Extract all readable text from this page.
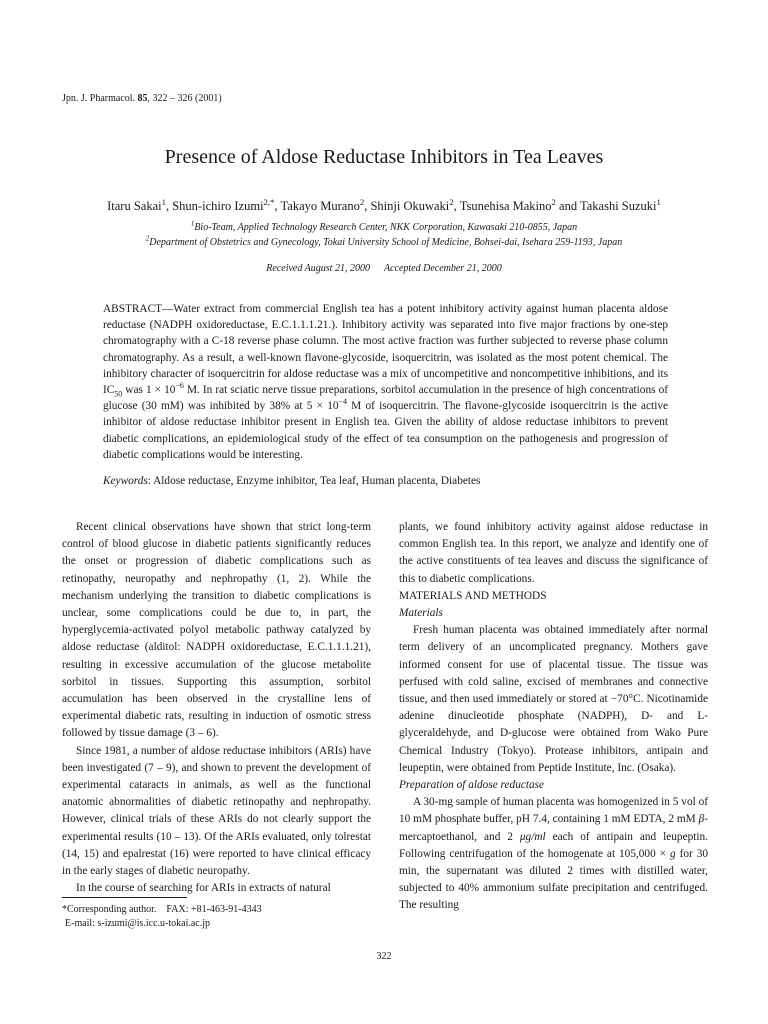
Jpn. J. Pharmacol. 85, 322 – 326 (2001)
Presence of Aldose Reductase Inhibitors in Tea Leaves
Itaru Sakai$^1$, Shun-ichiro Izumi$^{2,*}$, Takayo Murano$^2$, Shinji Okuwaki$^2$, Tsunehisa Makino$^2$ and Takashi Suzuki$^1$
$^1$Bio-Team, Applied Technology Research Center, NKK Corporation, Kawasaki 210-0855, Japan
$^2$Department of Obstetrics and Gynecology, Tokai University School of Medicine, Bohsei-dai, Isehara 259-1193, Japan
Received August 21, 2000 Accepted December 21, 2000
ABSTRACT—Water extract from commercial English tea has a potent inhibitory activity against human placenta aldose reductase (NADPH oxidoreductase, E.C.1.1.1.21.). Inhibitory activity was separated into five major fractions by one-step chromatography with a C-18 reverse phase column. The most active fraction was further subjected to reverse phase column chromatography. As a result, a well-known flavone-glycoside, isoquercitrin, was isolated as the most potent chemical. The inhibitory character of isoquercitrin for aldose reductase was a mix of uncompetitive and noncompetitive inhibitions, and its $IC_{50}$ was $1 \times 10^{-6}$ M. In rat sciatic nerve tissue preparations, sorbitol accumulation in the presence of high concentrations of glucose (30 mM) was inhibited by 38% at $5 \times 10^{-4}$ M of isoquercitrin. The flavone-glycoside isoquercitrin is the active inhibitor of aldose reductase inhibitor present in English tea. Given the ability of aldose reductase inhibitors to prevent diabetic complications, an epidemiological study of the effect of tea consumption on the pathogenesis and progression of diabetic complications would be interesting.
Keywords: Aldose reductase, Enzyme inhibitor, Tea leaf, Human placenta, Diabetes

Recent clinical observations have shown that strict long-term control of blood glucose in diabetic patients significantly reduces the onset or progression of diabetic complications such as retinopathy, neuropathy and nephropathy (1, 2). While the mechanism underlying the transition to diabetic complications is unclear, some complications could be due to, in part, the hyperglycemia-activated polyol metabolic pathway catalyzed by aldose reductase (alditol: NADPH oxidoreductase, E.C.1.1.1.21), resulting in excessive accumulation of the glucose metabolite sorbitol in tissues. Supporting this assumption, sorbitol accumulation has been observed in the crystalline lens of experimental diabetic rats, resulting in induction of osmotic stress followed by tissue damage (3 – 6).

Since 1981, a number of aldose reductase inhibitors (ARIs) have been investigated (7 – 9), and shown to prevent the development of experimental cataracts in animals, as well as the functional anatomic abnormalities of diabetic retinopathy and nephropathy. However, clinical trials of these ARIs do not clearly support the experimental results (10 – 13). Of the ARIs evaluated, only tolrestat (14, 15) and epalrestat (16) were reported to have clinical efficacy in the early stages of diabetic neuropathy.

In the course of searching for ARIs in extracts of natural

plants, we found inhibitory activity against aldose reductase in common English tea. In this report, we analyze and identify one of the active constituents of tea leaves and discuss the significance of this to diabetic complications.

MATERIALS AND METHODS

Materials

Fresh human placenta was obtained immediately after normal term delivery of an uncomplicated pregnancy. Mothers gave informed consent for use of placental tissue. The tissue was perfused with cold saline, excised of membranes and connective tissue, and then used immediately or stored at −70°C. Nicotinamide adenine dinucleotide phosphate (NADPH), D- and L-glyceraldehyde, and D-glucose were obtained from Wako Pure Chemical Industry (Tokyo). Protease inhibitors, antipain and leupeptin, were obtained from Peptide Institute, Inc. (Osaka).

Preparation of aldose reductase

A 30-mg sample of human placenta was homogenized in 5 vol of 10 mM phosphate buffer, pH 7.4, containing 1 mM EDTA, 2 mM β-mercaptoethanol, and 2 μg/ml each of antipain and leupeptin. Following centrifugation of the homogenate at 105,000 × g for 30 min, the supernatant was diluted 2 times with distilled water, subjected to 40% ammonium sulfate precipitation and centrifuged. The resulting

*Corresponding author.    FAX: +81-463-91-4343
E-mail: s-izumi@is.icc.u-tokai.ac.jp
322
